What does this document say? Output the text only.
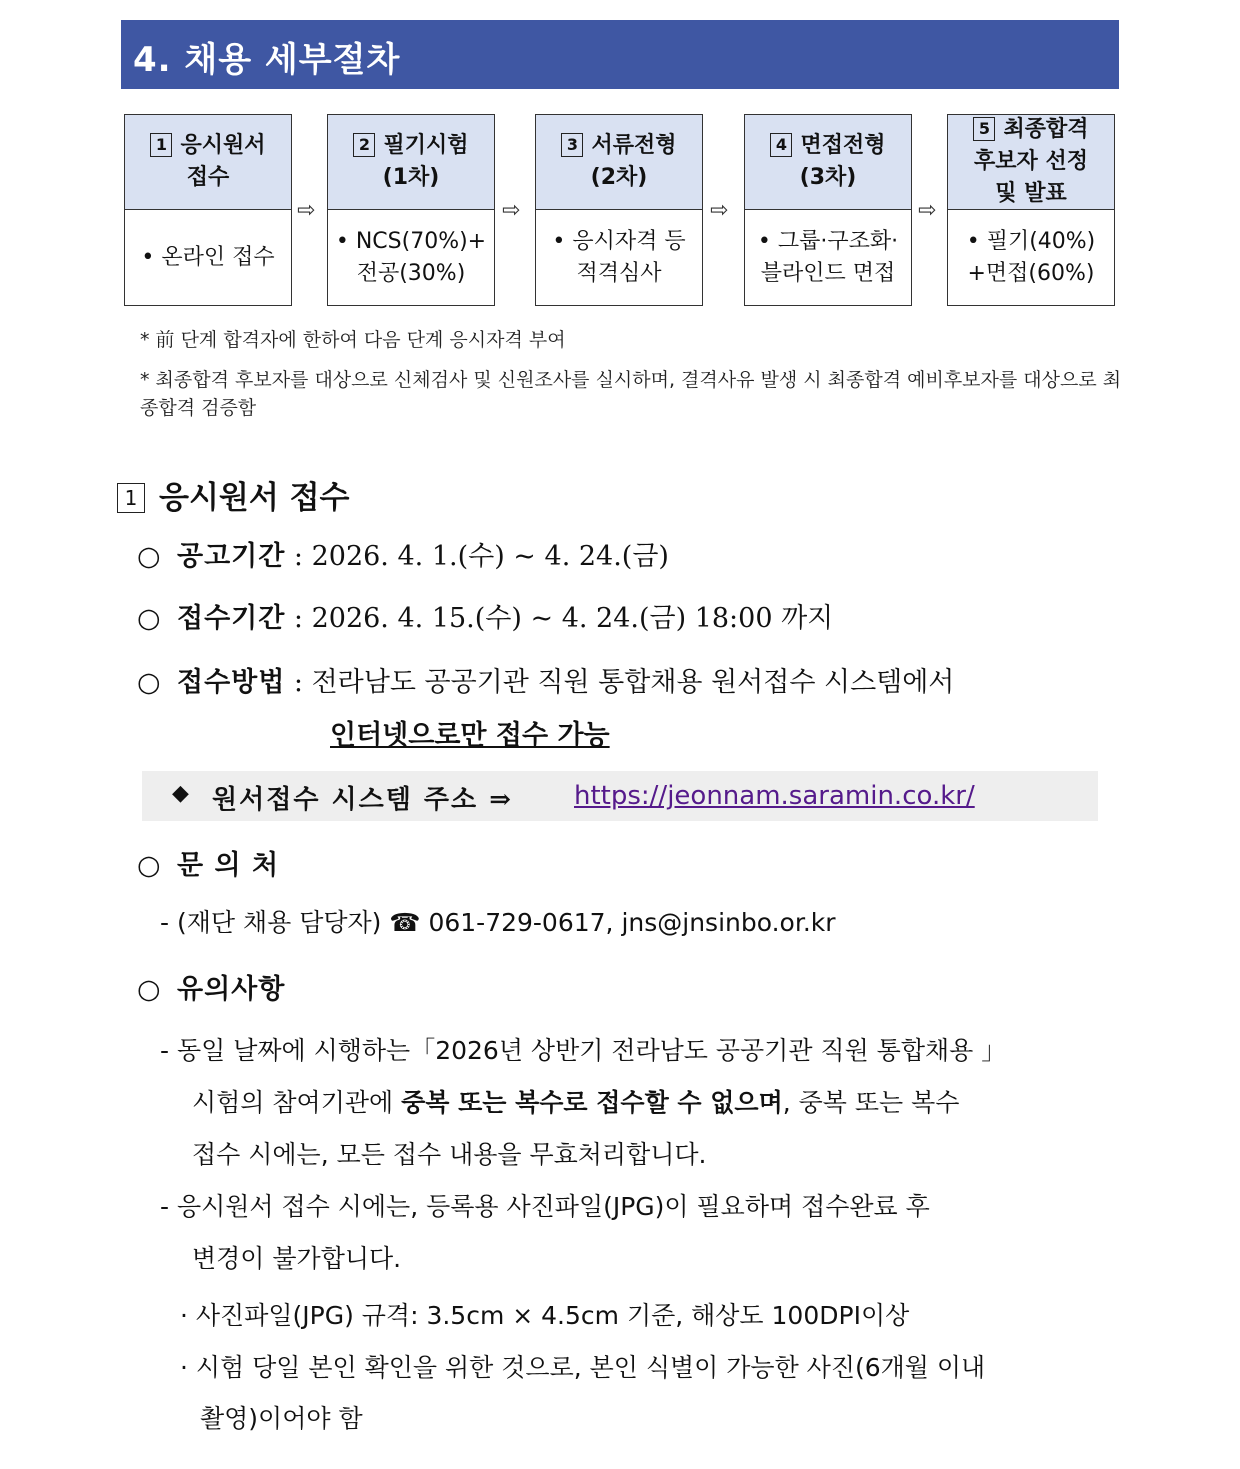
4. 채용 세부절차
1 응시원서
접수
• 온라인 접수
⇨
2 필기시험
(1차)
• NCS(70%)+
전공(30%)
⇨
3 서류전형
(2차)
• 응시자격 등
적격심사
⇨
4 면접전형
(3차)
• 그룹·구조화·
블라인드 면접
⇨
5 최종합격
후보자 선정
및 발표
• 필기(40%)
+면접(60%)
* 前 단계 합격자에 한하여 다음 단계 응시자격 부여
* 최종합격 후보자를 대상으로 신체검사 및 신원조사를 실시하며, 결격사유 발생 시 최종합격 예비후보자를 대상으로 최종합격 검증함
1 응시원서 접수
○ 공고기간 : 2026. 4. 1.(수) ~ 4. 24.(금)
○ 접수기간 : 2026. 4. 15.(수) ~ 4. 24.(금) 18:00 까지
○ 접수방법 : 전라남도 공공기관 직원 통합채용 원서접수 시스템에서
인터넷으로만 접수 가능
◆ 원서접수 시스템 주소 ⇒ https://jeonnam.saramin.co.kr/
○ 문 의 처
- (재단 채용 담당자) ☎ 061-729-0617, jns@jnsinbo.or.kr
○ 유의사항
- 동일 날짜에 시행하는「2026년 상반기 전라남도 공공기관 직원 통합채용 」
시험의 참여기관에 중복 또는 복수로 접수할 수 없으며, 중복 또는 복수
접수 시에는, 모든 접수 내용을 무효처리합니다.
- 응시원서 접수 시에는, 등록용 사진파일(JPG)이 필요하며 접수완료 후
변경이 불가합니다.
· 사진파일(JPG) 규격: 3.5cm × 4.5cm 기준, 해상도 100DPI이상
· 시험 당일 본인 확인을 위한 것으로, 본인 식별이 가능한 사진(6개월 이내
촬영)이어야 함
